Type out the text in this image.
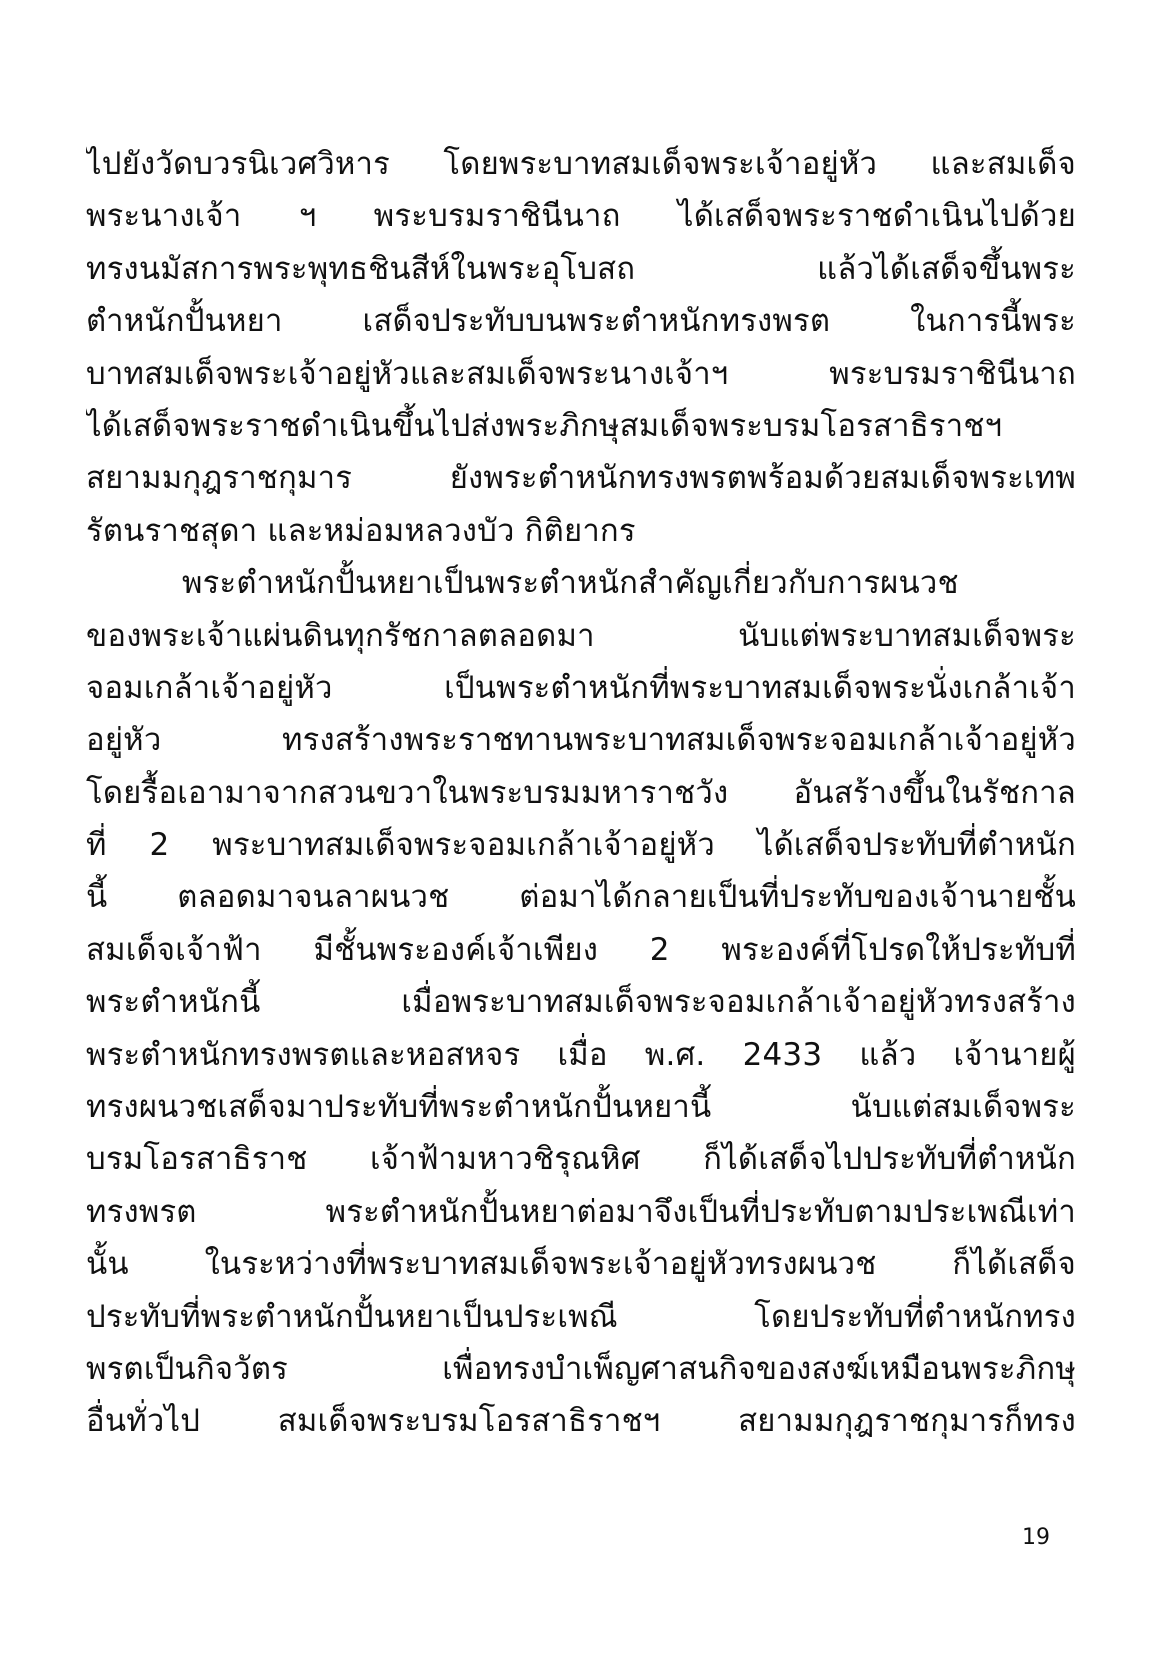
ไปยังวัดบวรนิเวศวิหาร โดยพระบาทสมเด็จพระเจ้าอยู่หัว และสมเด็จ
พระนางเจ้า ฯ พระบรมราชินีนาถ ได้เสด็จพระราชดำเนินไปด้วย
ทรงนมัสการพระพุทธชินสีห์ในพระอุโบสถ แล้วได้เสด็จขึ้นพระ
ตำหนักปั้นหยา เสด็จประทับบนพระตำหนักทรงพรต ในการนี้พระ
บาทสมเด็จพระเจ้าอยู่หัวและสมเด็จพระนางเจ้าฯ พระบรมราชินีนาถ
ได้เสด็จพระราชดำเนินขึ้นไปส่งพระภิกษุสมเด็จพระบรมโอรสาธิราชฯ
สยามมกุฎราชกุมาร ยังพระตำหนักทรงพรตพร้อมด้วยสมเด็จพระเทพ
รัตนราชสุดา และหม่อมหลวงบัว กิติยากร
พระตำหนักปั้นหยาเป็นพระตำหนักสำคัญเกี่ยวกับการผนวช
ของพระเจ้าแผ่นดินทุกรัชกาลตลอดมา นับแต่พระบาทสมเด็จพระ
จอมเกล้าเจ้าอยู่หัว เป็นพระตำหนักที่พระบาทสมเด็จพระนั่งเกล้าเจ้า
อยู่หัว ทรงสร้างพระราชทานพระบาทสมเด็จพระจอมเกล้าเจ้าอยู่หัว
โดยรื้อเอามาจากสวนขวาในพระบรมมหาราชวัง อันสร้างขึ้นในรัชกาล
ที่ 2 พระบาทสมเด็จพระจอมเกล้าเจ้าอยู่หัว ได้เสด็จประทับที่ตำหนัก
นี้ ตลอดมาจนลาผนวช ต่อมาได้กลายเป็นที่ประทับของเจ้านายชั้น
สมเด็จเจ้าฟ้า มีชั้นพระองค์เจ้าเพียง 2 พระองค์ที่โปรดให้ประทับที่
พระตำหนักนี้ เมื่อพระบาทสมเด็จพระจอมเกล้าเจ้าอยู่หัวทรงสร้าง
พระตำหนักทรงพรตและหอสหจร เมื่อ พ.ศ. 2433 แล้ว เจ้านายผู้
ทรงผนวชเสด็จมาประทับที่พระตำหนักปั้นหยานี้ นับแต่สมเด็จพระ
บรมโอรสาธิราช เจ้าฟ้ามหาวชิรุณหิศ ก็ได้เสด็จไปประทับที่ตำหนัก
ทรงพรต พระตำหนักปั้นหยาต่อมาจึงเป็นที่ประทับตามประเพณีเท่า
นั้น ในระหว่างที่พระบาทสมเด็จพระเจ้าอยู่หัวทรงผนวช ก็ได้เสด็จ
ประทับที่พระตำหนักปั้นหยาเป็นประเพณี โดยประทับที่ตำหนักทรง
พรตเป็นกิจวัตร เพื่อทรงบำเพ็ญศาสนกิจของสงฆ์เหมือนพระภิกษุ
อื่นทั่วไป สมเด็จพระบรมโอรสาธิราชฯ สยามมกุฎราชกุมารก็ทรง
19
